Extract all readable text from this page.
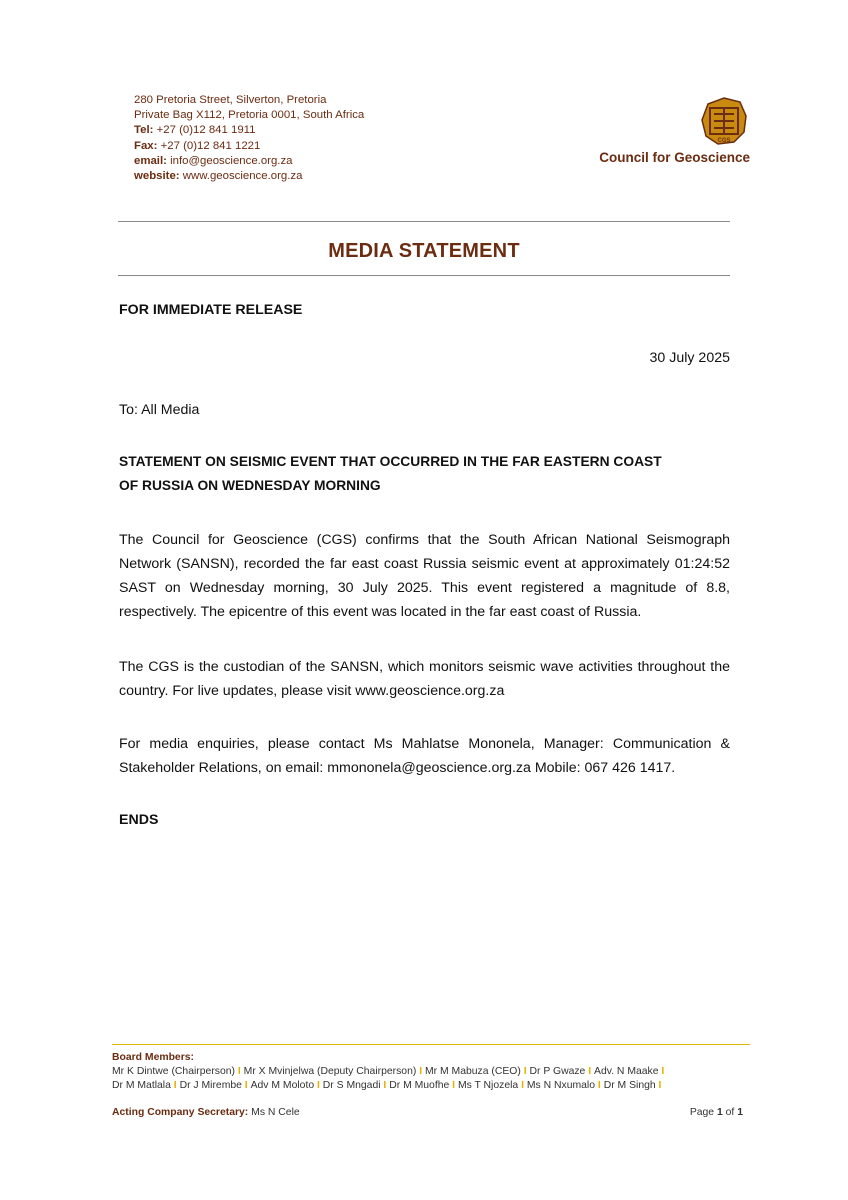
280 Pretoria Street, Silverton, Pretoria
Private Bag X112, Pretoria 0001, South Africa
Tel: +27 (0)12 841 1911
Fax: +27 (0)12 841 1221
email: info@geoscience.org.za
website: www.geoscience.org.za
CGS
Council for Geoscience
MEDIA STATEMENT
FOR IMMEDIATE RELEASE
30 July 2025
To: All Media
STATEMENT ON SEISMIC EVENT THAT OCCURRED IN THE FAR EASTERN COAST
OF RUSSIA ON WEDNESDAY MORNING
The Council for Geoscience (CGS) confirms that the South African National Seismograph Network (SANSN), recorded the far east coast Russia seismic event at approximately 01:24:52 SAST on Wednesday morning, 30 July 2025. This event registered a magnitude of 8.8, respectively. The epicentre of this event was located in the far east coast of Russia.
The CGS is the custodian of the SANSN, which monitors seismic wave activities throughout the country. For live updates, please visit www.geoscience.org.za
For media enquiries, please contact Ms Mahlatse Mononela, Manager: Communication & Stakeholder Relations, on email: mmononela@geoscience.org.za Mobile: 067 426 1417.
ENDS
Board Members:
Mr K Dintwe (Chairperson) I Mr X Mvinjelwa (Deputy Chairperson) I Mr M Mabuza (CEO) I Dr P Gwaze I Adv. N Maake I
Dr M Matlala I Dr J Mirembe I Adv M Moloto I Dr S Mngadi I Dr M Muofhe I Ms T Njozela I Ms N Nxumalo I Dr M Singh I
Acting Company Secretary: Ms N Cele	Page 1 of 1
